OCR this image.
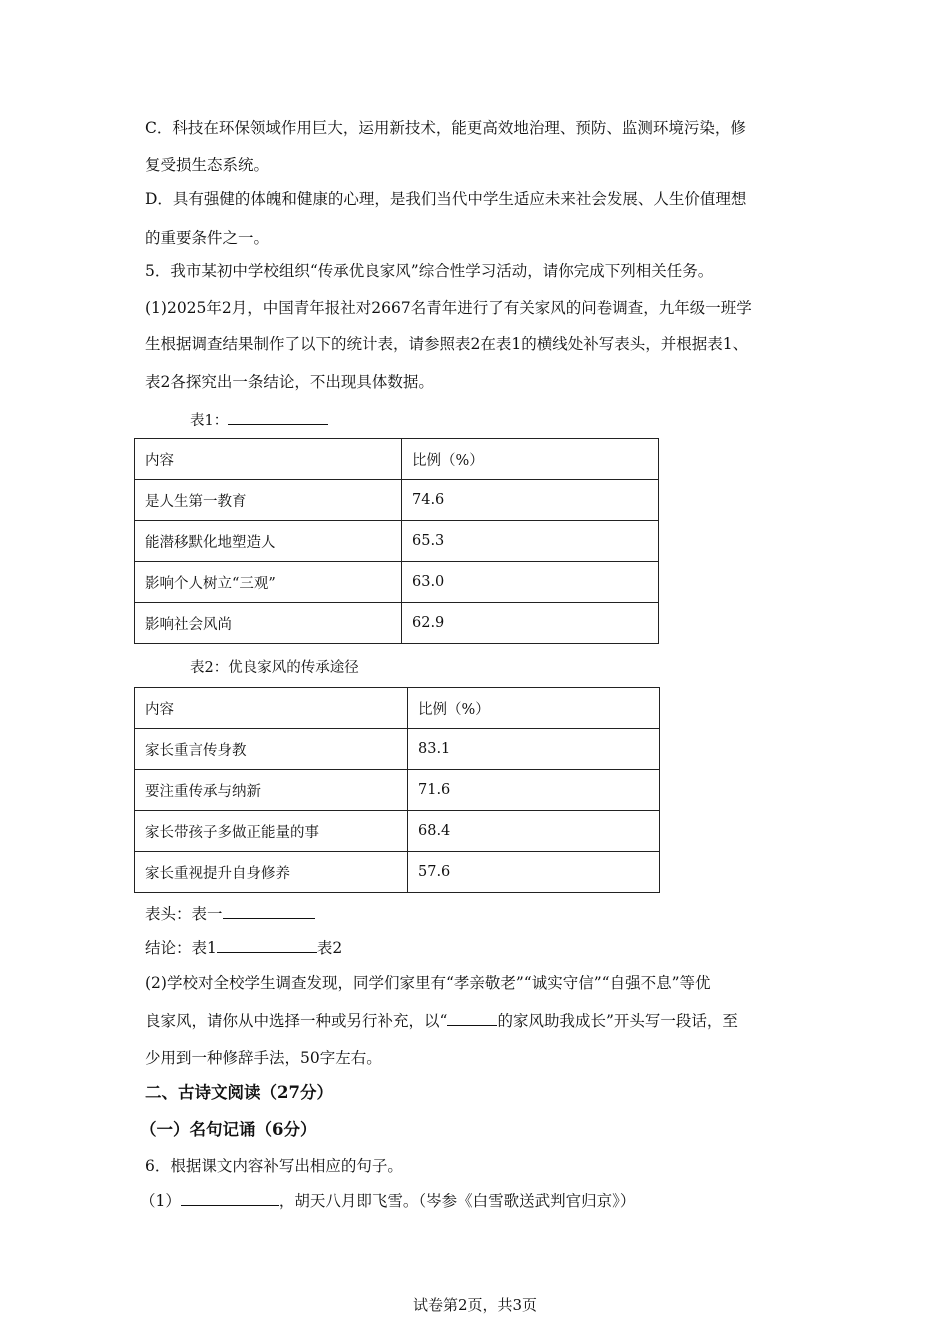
C．科技在环保领域作用巨大，运用新技术，能更高效地治理、预防、监测环境污染，修
复受损生态系统。
D．具有强健的体魄和健康的心理，是我们当代中学生适应未来社会发展、人生价值理想
的重要条件之一。
5．我市某初中学校组织“传承优良家风”综合性学习活动，请你完成下列相关任务。
(1)2025年2月，中国青年报社对2667名青年进行了有关家风的问卷调查，九年级一班学
生根据调查结果制作了以下的统计表，请参照表2在表1的横线处补写表头，并根据表1、
表2各探究出一条结论，不出现具体数据。
表1：
内容	比例（%）
是人生第一教育	74.6
能潜移默化地塑造人	65.3
影响个人树立“三观”	63.0
影响社会风尚	62.9
表2：优良家风的传承途径
内容	比例（%）
家长重言传身教	83.1
要注重传承与纳新	71.6
家长带孩子多做正能量的事	68.4
家长重视提升自身修养	57.6
表头：表一
结论：表1	表2
(2)学校对全校学生调查发现，同学们家里有“孝亲敬老”“诚实守信”“自强不息”等优
良家风，请你从中选择一种或另行补充，以“	的家风助我成长”开头写一段话，至
少用到一种修辞手法，50字左右。
二、古诗文阅读（27分）
（一）名句记诵（6分）
6．根据课文内容补写出相应的句子。
（1）	，胡天八月即飞雪。（岑参《白雪歌送武判官归京》）
试卷第2页，共3页
